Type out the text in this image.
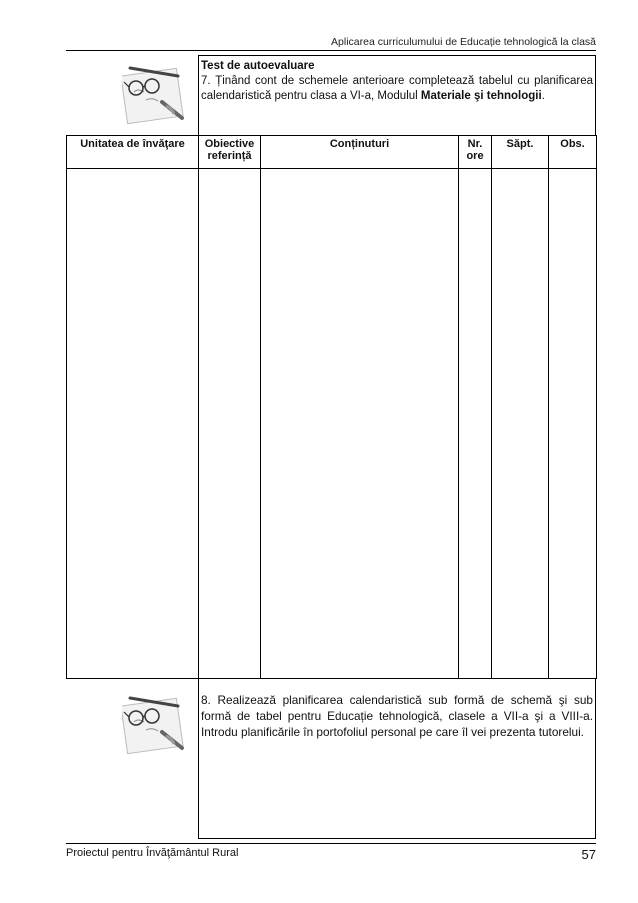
Aplicarea curriculumului de Educație tehnologică la clasă
Test de autoevaluare
7. Ținând cont de schemele anterioare completează tabelul cu planificarea calendaristică pentru clasa a VI-a, Modulul Materiale şi tehnologii.
Unitatea de învăţare	Obiective referință	Conținuturi	Nr. ore	Săpt.	Obs.

8. Realizează planificarea calendaristică sub formă de schemă şi sub formă de tabel pentru Educație tehnologică, clasele a VII-a şi a VIII-a. Introdu planificările în portofoliul personal pe care îl vei prezenta tutorelui.
Proiectul pentru Învăţământul Rural	57
